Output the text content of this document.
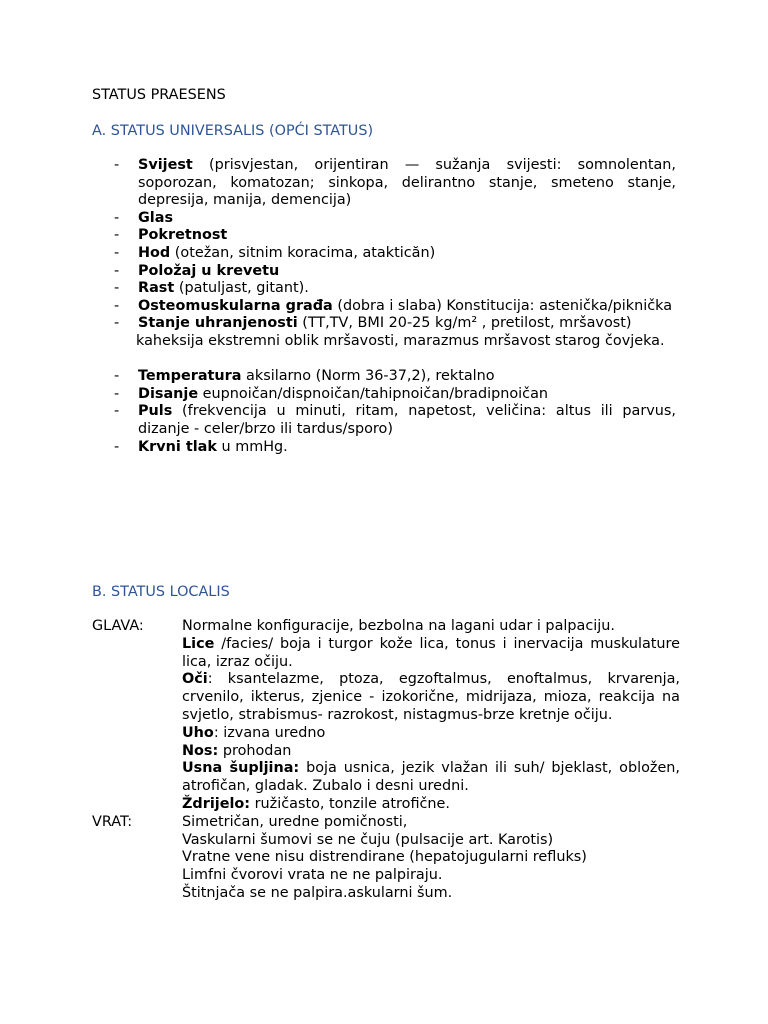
STATUS PRAESENS
A. STATUS UNIVERSALIS (OPĆI STATUS)
- Svijest (prisvjestan, orijentiran — sužanja svijesti: somnolentan, soporozan, komatozan; sinkopa, delirantno stanje, smeteno stanje, depresija, manija, demencija)
- Glas
- Pokretnost
- Hod (otežan, sitnim koracima, atakticăn)
- Položaj u krevetu
- Rast (patuljast, gitant).
- Osteomuskularna građa (dobra i slaba) Konstitucija: astenička/piknička
- Stanje uhranjenosti (TT,TV, BMI 20-25 kg/m² , pretilost, mršavost)
kaheksija ekstremni oblik mršavosti, marazmus mršavost starog čovjeka.
- Temperatura aksilarno (Norm 36-37,2), rektalno
- Disanje eupnoičan/dispnoičan/tahipnoičan/bradipnoičan
- Puls (frekvencija u minuti, ritam, napetost, veličina: altus ili parvus, dizanje - celer/brzo ili tardus/sporo)
- Krvni tlak u mmHg.
B. STATUS LOCALIS
GLAVA:	Normalne konfiguracije, bezbolna na lagani udar i palpaciju.

Lice /facies/ boja i turgor kože lica, tonus i inervacija muskulature lica, izraz očiju.

Oči: ksantelazme, ptoza, egzoftalmus, enoftalmus, krvarenja, crvenilo, ikterus, zjenice - izokorične, midrijaza, mioza, reakcija na svjetlo, strabismus- razrokost, nistagmus-brze kretnje očiju.

Uho: izvana uredno

Nos: prohodan

Usna šupljina: boja usnica, jezik vlažan ili suh/ bjeklast, obložen, atrofičan, gladak. Zubalo i desni uredni.

Ždrijelo: ružičasto, tonzile atrofične.

VRAT:	Simetričan, uredne pomičnosti,

Vaskularni šumovi se ne čuju (pulsacije art. Karotis)

Vratne vene nisu distrendirane (hepatojugularni refluks)

Limfni čvorovi vrata ne ne palpiraju.

Štitnjača se ne palpira.askularni šum.
